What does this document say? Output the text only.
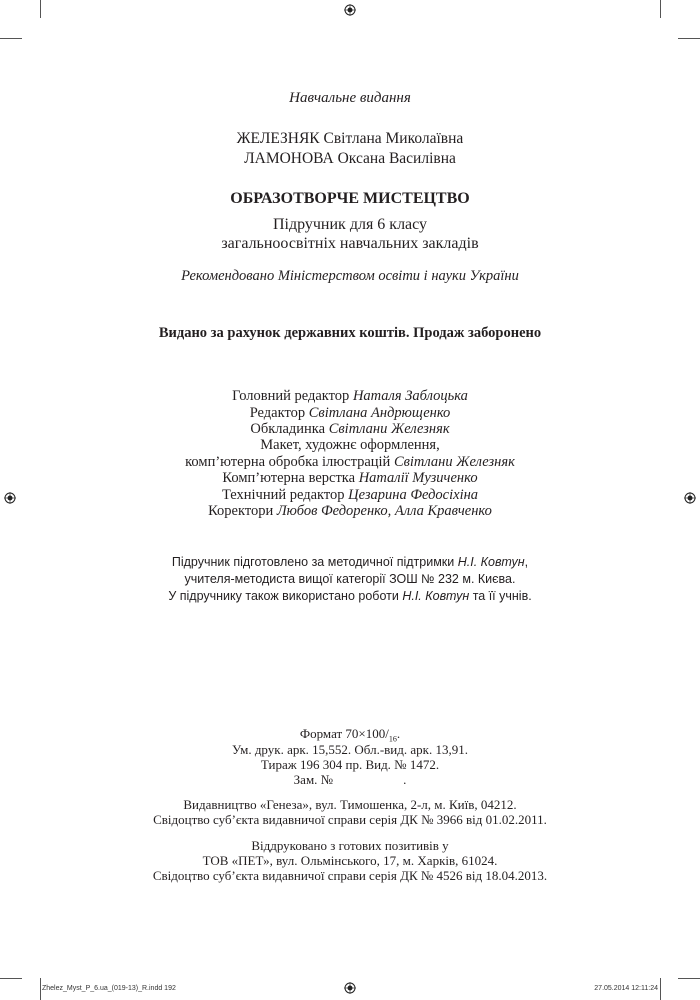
Навчальне видання
ЖЕЛЕЗНЯК Світлана Миколаївна
ЛАМОНОВА Оксана Василівна
ОБРАЗОТВОРЧЕ МИСТЕЦТВО
Підручник для 6 класу
загальноосвітніх навчальних закладів
Рекомендовано Міністерством освіти і науки України
Видано за рахунок державних коштів. Продаж заборонено
Головний редактор Наталя Заблоцька
Редактор Світлана Андрющенко
Обкладинка Світлани Железняк
Макет, художнє оформлення,
комп’ютерна обробка ілюстрацій Світлани Железняк
Комп’ютерна верстка Наталії Музиченко
Технічний редактор Цезарина Федосіхіна
Коректори Любов Федоренко, Алла Кравченко
Підручник підготовлено за методичної підтримки Н.І. Ковтун,
учителя-методиста вищої категорії ЗОШ № 232 м. Києва.
У підручнику також використано роботи Н.І. Ковтун та її учнів.
Формат $70\times 100/_{16}$.
Ум. друк. арк. 15,552. Обл.-вид. арк. 13,91.
Тираж 196 304 пр. Вид. № 1472.
Зам. №	.
Видавництво «Генеза», вул. Тимошенка, 2-л, м. Київ, 04212.
Свідоцтво суб’єкта видавничої справи серія ДК № 3966 від 01.02.2011.
Віддруковано з готових позитивів у
ТОВ «ПЕТ», вул. Ольмінського, 17, м. Харків, 61024.
Свідоцтво суб’єкта видавничої справи серія ДК № 4526 від 18.04.2013.
Zhelez_Myst_P_6.ua_(019-13)_R.indd 192	27.05.2014 12:11:24
